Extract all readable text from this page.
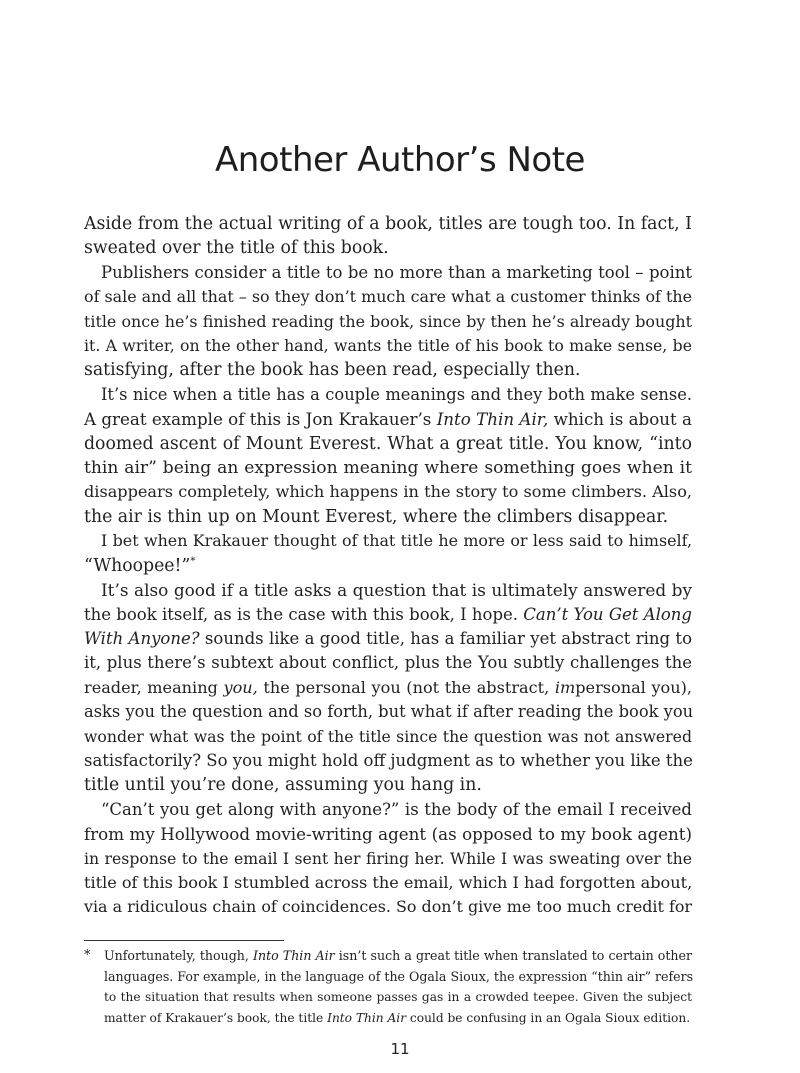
Another Author’s Note
Aside from the actual writing of a book, titles are tough too. In fact, I
sweated over the title of this book.
Publishers consider a title to be no more than a marketing tool – point
of sale and all that – so they don’t much care what a customer thinks of the
title once he’s finished reading the book, since by then he’s already bought
it. A writer, on the other hand, wants the title of his book to make sense, be
satisfying, after the book has been read, especially then.
It’s nice when a title has a couple meanings and they both make sense.
A great example of this is Jon Krakauer’s Into Thin Air, which is about a
doomed ascent of Mount Everest. What a great title. You know, “into
thin air” being an expression meaning where something goes when it
disappears completely, which happens in the story to some climbers. Also,
the air is thin up on Mount Everest, where the climbers disappear.
I bet when Krakauer thought of that title he more or less said to himself,
“Whoopee!”*
It’s also good if a title asks a question that is ultimately answered by
the book itself, as is the case with this book, I hope. Can’t You Get Along
With Anyone? sounds like a good title, has a familiar yet abstract ring to
it, plus there’s subtext about conflict, plus the You subtly challenges the
reader, meaning you, the personal you (not the abstract, impersonal you),
asks you the question and so forth, but what if after reading the book you
wonder what was the point of the title since the question was not answered
satisfactorily? So you might hold off judgment as to whether you like the
title until you’re done, assuming you hang in.
“Can’t you get along with anyone?” is the body of the email I received
from my Hollywood movie-writing agent (as opposed to my book agent)
in response to the email I sent her firing her. While I was sweating over the
title of this book I stumbled across the email, which I had forgotten about,
via a ridiculous chain of coincidences. So don’t give me too much credit for
*	Unfortunately, though, Into Thin Air isn’t such a great title when translated to certain other
languages. For example, in the language of the Ogala Sioux, the expression “thin air” refers
to the situation that results when someone passes gas in a crowded teepee. Given the subject
matter of Krakauer’s book, the title Into Thin Air could be confusing in an Ogala Sioux edition.
11
